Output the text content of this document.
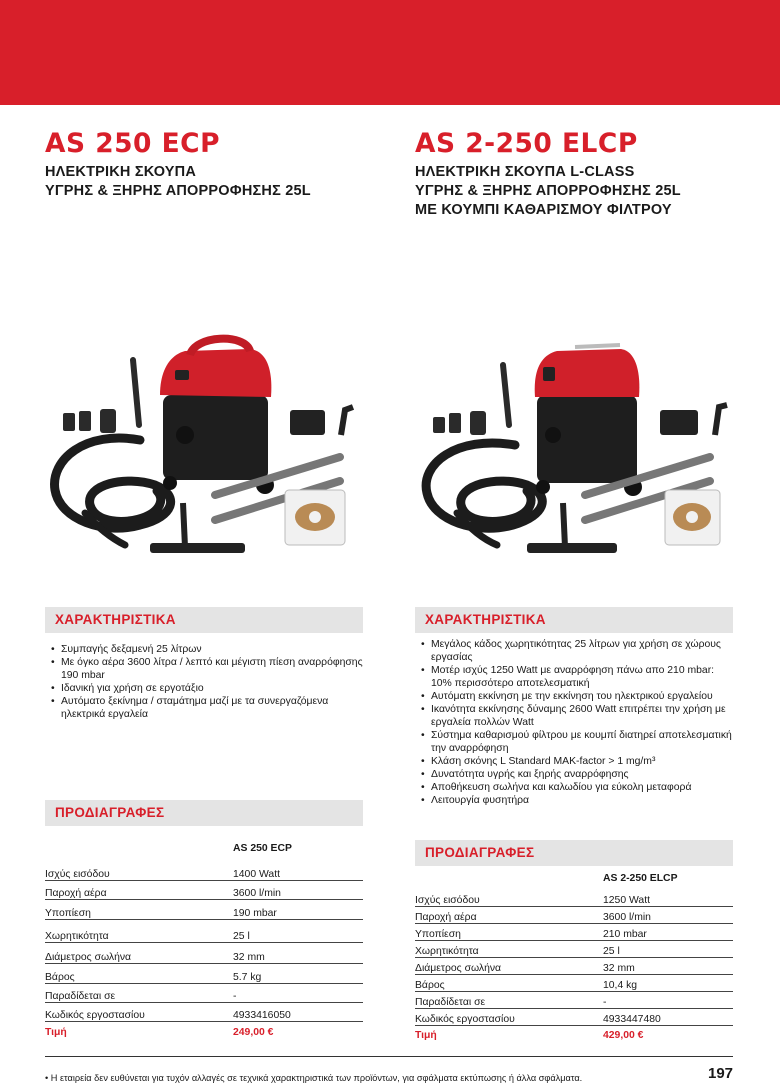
AS 250 ECP
ΗΛΕΚΤΡΙΚΗ ΣΚΟΥΠΑ
ΥΓΡΗΣ & ΞΗΡΗΣ ΑΠΟΡΡΟΦΗΣΗΣ 25L
ΧΑΡΑΚΤΗΡΙΣΤΙΚΑ
• Συμπαγής δεξαμενή 25 λίτρων
• Με όγκο αέρα 3600 λίτρα / λεπτό και μέγιστη πίεση αναρρόφησης 190 mbar
• Ιδανική για χρήση σε εργοτάξιο
• Αυτόματο ξεκίνημα / σταμάτημα μαζί με τα συνεργαζόμενα ηλεκτρικά εργαλεία
ΠΡΟΔΙΑΓΡΑΦΕΣ
	AS 250 ECP
Ισχύς εισόδου	1400 Watt
Παροχή αέρα	3600 l/min
Υποπίεση	190 mbar
Χωρητικότητα	25 l
Διάμετρος σωλήνα	32 mm
Βάρος	5.7 kg
Παραδίδεται σε	-
Κωδικός εργοστασίου	4933416050
Τιμή	249,00 €
AS 2-250 ELCP
ΗΛΕΚΤΡΙΚΗ ΣΚΟΥΠΑ L-CLASS
ΥΓΡΗΣ & ΞΗΡΗΣ ΑΠΟΡΡΟΦΗΣΗΣ 25L
ΜΕ ΚΟΥΜΠΙ ΚΑΘΑΡΙΣΜΟΥ ΦΙΛΤΡΟΥ
ΧΑΡΑΚΤΗΡΙΣΤΙΚΑ
• Μεγάλος κάδος χωρητικότητας 25 λίτρων για χρήση σε χώρους εργασίας
• Μοτέρ ισχύς 1250 Watt με αναρρόφηση πάνω απο 210 mbar: 10% περισσότερο αποτελεσματική
• Αυτόματη εκκίνηση με την εκκίνηση του ηλεκτρικού εργαλείου
• Ικανότητα εκκίνησης δύναμης 2600 Watt επιτρέπει την χρήση με εργαλεία πολλών Watt
• Σύστημα καθαρισμού φίλτρου με κουμπί διατηρεί αποτελεσματική την αναρρόφηση
• Κλάση σκόνης L Standard MAK-factor > 1 mg/m³
• Δυνατότητα υγρής και ξηρής αναρρόφησης
• Αποθήκευση σωλήνα και καλωδίου για εύκολη μεταφορά
• Λειτουργία φυσητήρα
ΠΡΟΔΙΑΓΡΑΦΕΣ
	AS 2-250 ELCP
Ισχύς εισόδου	1250 Watt
Παροχή αέρα	3600 l/min
Υποπίεση	210 mbar
Χωρητικότητα	25 l
Διάμετρος σωλήνα	32 mm
Βάρος	10,4 kg
Παραδίδεται σε	-
Κωδικός εργοστασίου	4933447480
Τιμή	429,00 €
• Η εταιρεία δεν ευθύνεται για τυχόν αλλαγές σε τεχνικά χαρακτηριστικά των προϊόντων, για σφάλματα εκτύπωσης ή άλλα σφάλματα.	197
